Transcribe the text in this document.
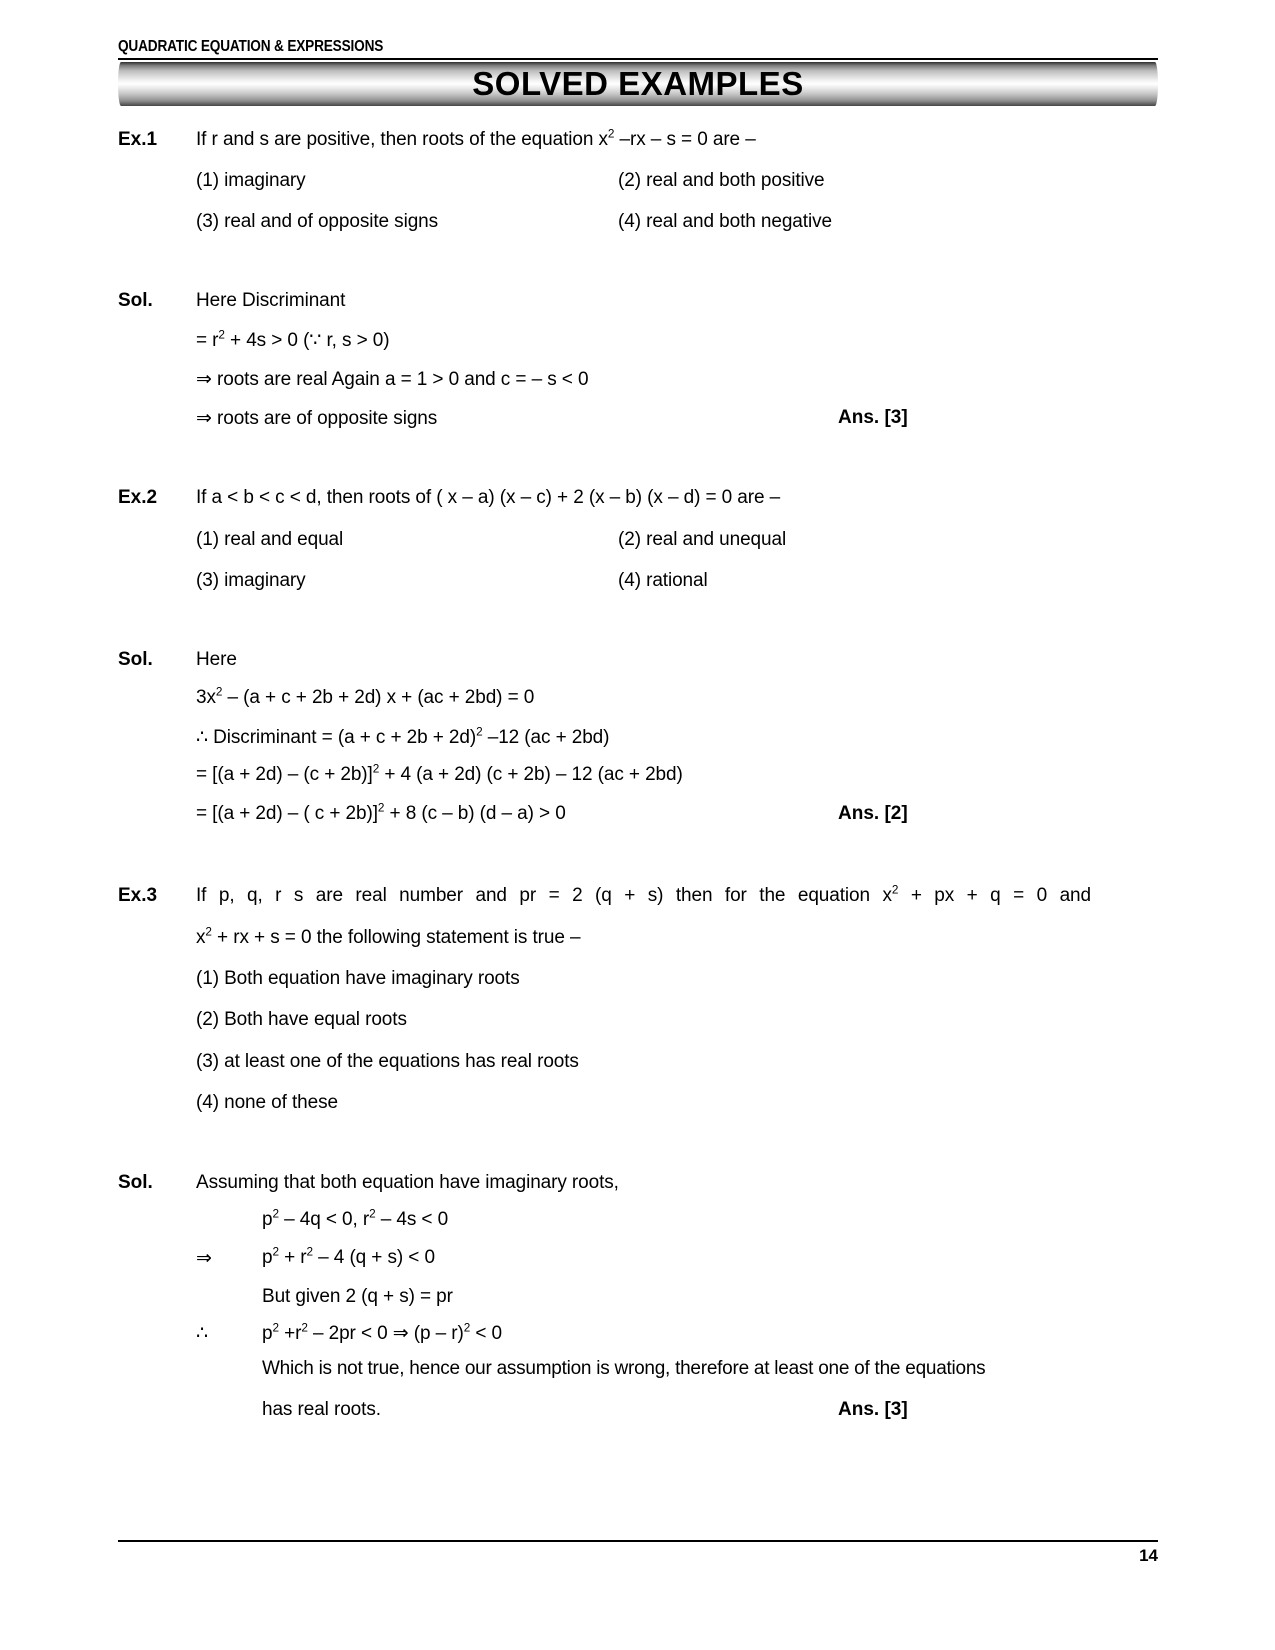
QUADRATIC EQUATION & EXPRESSIONS
SOLVED EXAMPLES
Ex.1 If r and s are positive, then roots of the equation $x^2$ –rx – s = 0 are –
(1) imaginary	(2) real and both positive
(3) real and of opposite signs	(4) real and both negative
Sol. Here Discriminant
= $r^2 + 4s > 0$ (∵ r, s > 0)
⇒ roots are real Again a = 1 > 0 and c = – s < 0
⇒ roots are of opposite signs	Ans. [3]
Ex.2 If a < b < c < d, then roots of ( x – a) (x – c) + 2 (x – b) (x – d) = 0 are –
(1) real and equal	(2) real and unequal
(3) imaginary	(4) rational
Sol. Here
$3x^2 - (a + c + 2b + 2d) x + (ac + 2bd) = 0$
∴ Discriminant = $(a + c + 2b + 2d)^2$ –12 (ac + 2bd)
= $[(a + 2d) - (c + 2b)]^2 + 4$ (a + 2d) (c + 2b) – 12 (ac + 2bd)
= [(a + 2d) – ( c + 2b)]$^2$ + 8 (c – b) (d – a) > 0	Ans. [2]
Ex.3 If p, q, r s are real number and pr = 2 (q + s) then for the equation $x^2$ + px + q = 0 and
$x^2$ + rx + s = 0 the following statement is true –
(1) Both equation have imaginary roots
(2) Both have equal roots
(3) at least one of the equations has real roots
(4) none of these
Sol. Assuming that both equation have imaginary roots,
$p^2 - 4q < 0$, $r^2 - 4s < 0$
⇒	$p^2 + r^2 - 4$ (q + s) < 0
But given 2 (q + s) = pr
∴	$p^2 +r^2 - 2pr < 0$ ⇒ (p – r)$^2$ < 0
Which is not true, hence our assumption is wrong, therefore at least one of the equations
has real roots.	Ans. [3]
14
